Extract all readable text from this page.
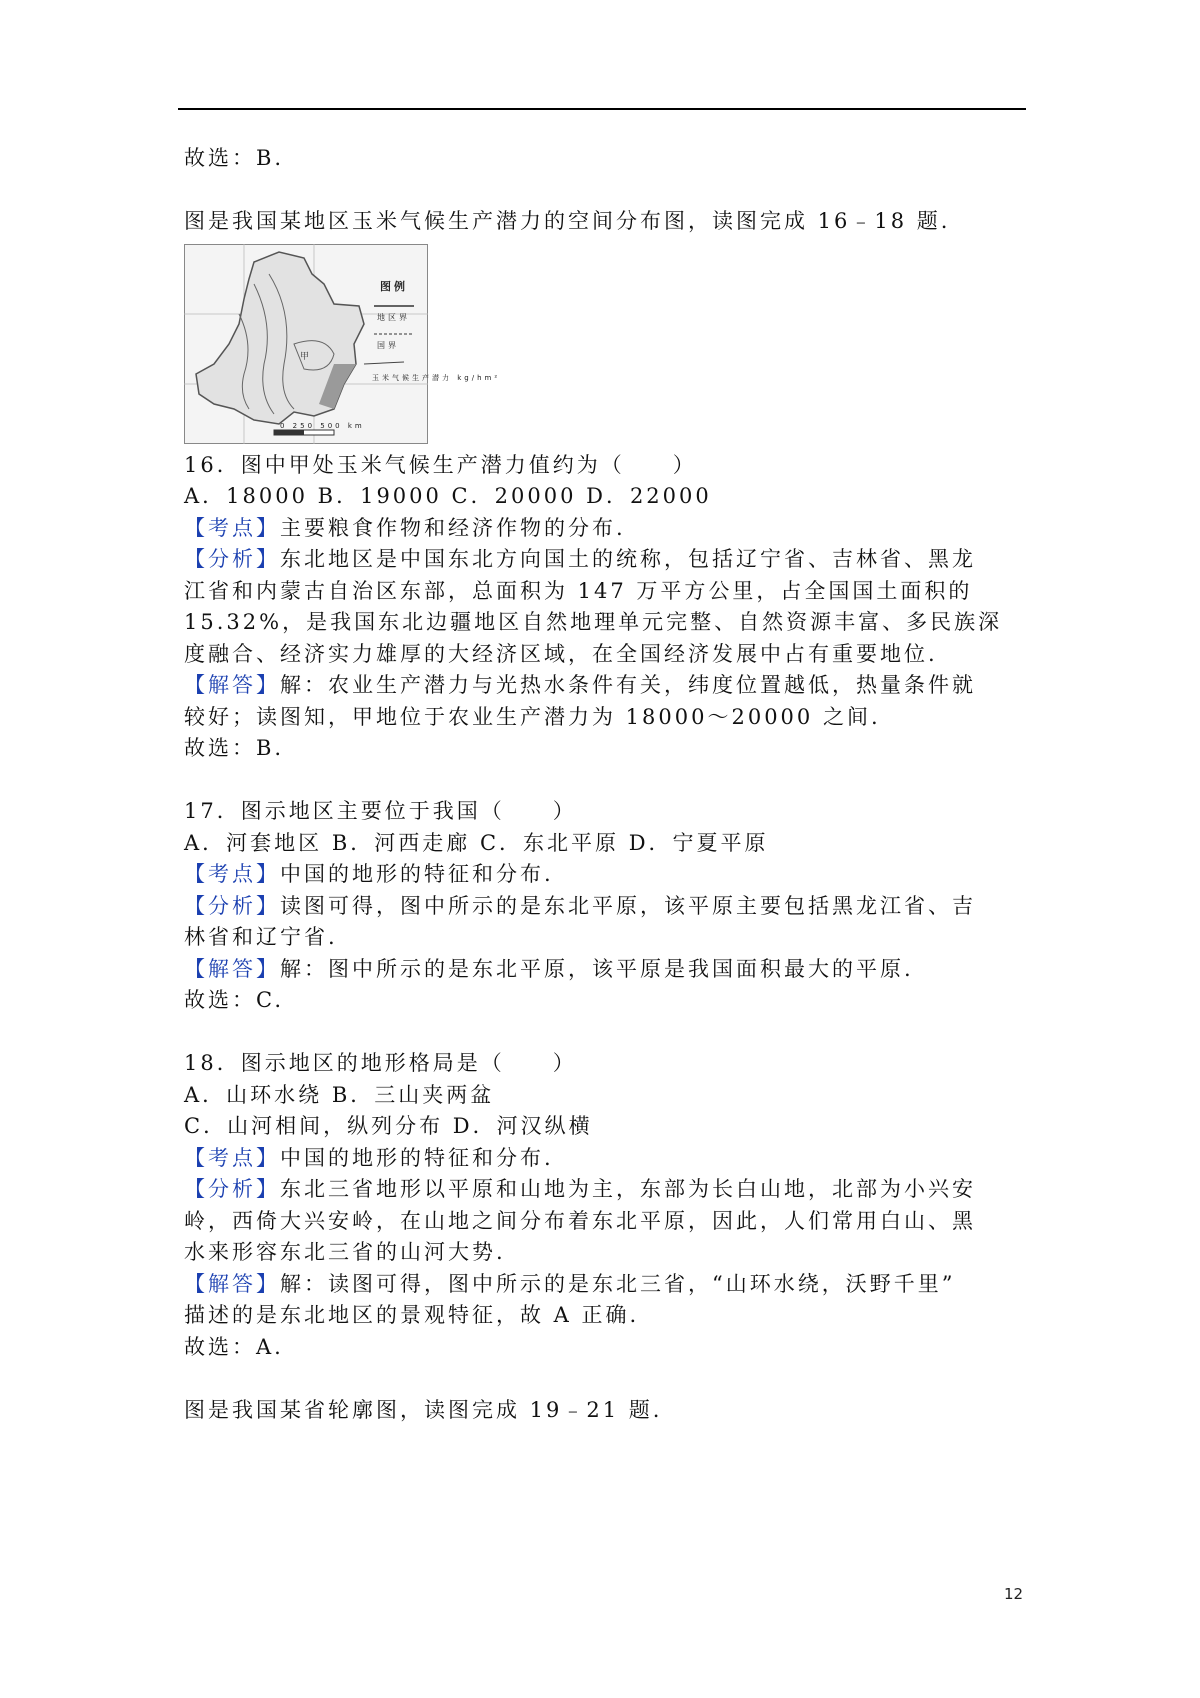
故选：B.
图是我国某地区玉米气候生产潜力的空间分布图，读图完成 16﹣18 题.
甲
图例
地区界
国界
玉米气候生产潜力 kg/hm²
0 250 500 km
16．图中甲处玉米气候生产潜力值约为（　　）
A．18000 B．19000 C．20000 D．22000
【考点】主要粮食作物和经济作物的分布.
【分析】东北地区是中国东北方向国土的统称，包括辽宁省、吉林省、黑龙
江省和内蒙古自治区东部，总面积为 147 万平方公里，占全国国土面积的
15.32%，是我国东北边疆地区自然地理单元完整、自然资源丰富、多民族深
度融合、经济实力雄厚的大经济区域，在全国经济发展中占有重要地位.
【解答】解：农业生产潜力与光热水条件有关，纬度位置越低，热量条件就
较好；读图知，甲地位于农业生产潜力为 18000～20000 之间.
故选：B.
17．图示地区主要位于我国（　　）
A．河套地区 B．河西走廊 C．东北平原 D．宁夏平原
【考点】中国的地形的特征和分布.
【分析】读图可得，图中所示的是东北平原，该平原主要包括黑龙江省、吉
林省和辽宁省.
【解答】解：图中所示的是东北平原，该平原是我国面积最大的平原.
故选：C.
18．图示地区的地形格局是（　　）
A．山环水绕 B．三山夹两盆
C．山河相间，纵列分布 D．河汉纵横
【考点】中国的地形的特征和分布.
【分析】东北三省地形以平原和山地为主，东部为长白山地，北部为小兴安
岭，西倚大兴安岭，在山地之间分布着东北平原，因此，人们常用白山、黑
水来形容东北三省的山河大势.
【解答】解：读图可得，图中所示的是东北三省，“山环水绕，沃野千里”
描述的是东北地区的景观特征，故 A 正确.
故选：A.
图是我国某省轮廓图，读图完成 19﹣21 题.
12
